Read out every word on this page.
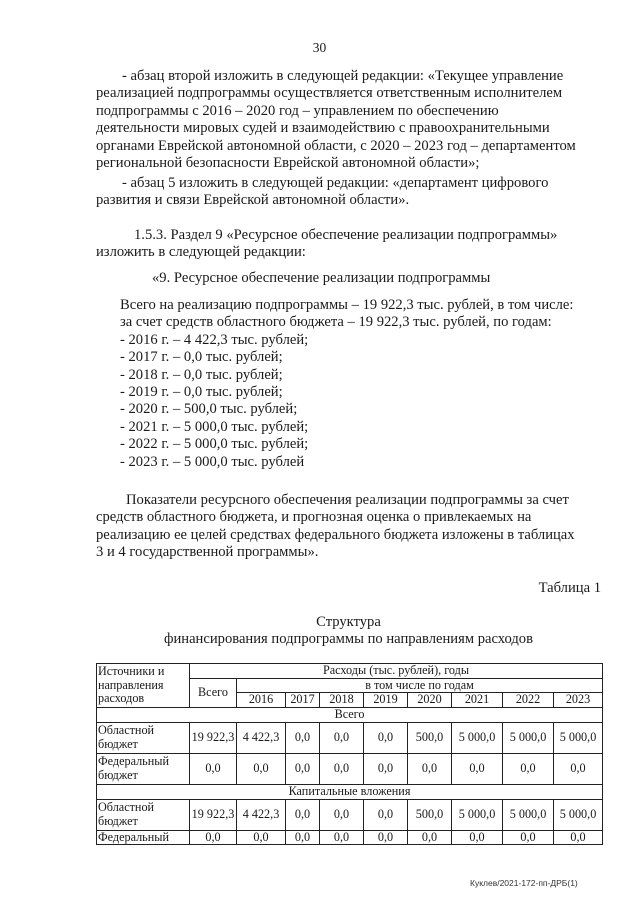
30
- абзац второй изложить в следующей редакции: «Текущее управление
реализацией подпрограммы осуществляется ответственным исполнителем
подпрограммы с 2016 – 2020 год – управлением по обеспечению
деятельности мировых судей и взаимодействию с правоохранительными
органами Еврейской автономной области, с 2020 – 2023 год – департаментом
региональной безопасности Еврейской автономной области»;
- абзац 5 изложить в следующей редакции: «департамент цифрового
развития и связи Еврейской автономной области».
1.5.3. Раздел 9 «Ресурсное обеспечение реализации подпрограммы»
изложить в следующей редакции:
«9. Ресурсное обеспечение реализации подпрограммы
Всего на реализацию подпрограммы – 19 922,3 тыс. рублей, в том числе:
за счет средств областного бюджета – 19 922,3 тыс. рублей, по годам:
- 2016 г. – 4 422,3 тыс. рублей;
- 2017 г. – 0,0 тыс. рублей;
- 2018 г. – 0,0 тыс. рублей;
- 2019 г. – 0,0 тыс. рублей;
- 2020 г. – 500,0 тыс. рублей;
- 2021 г. – 5 000,0 тыс. рублей;
- 2022 г. – 5 000,0 тыс. рублей;
- 2023 г. – 5 000,0 тыс. рублей
Показатели ресурсного обеспечения реализации подпрограммы за счет
средств областного бюджета, и прогнозная оценка о привлекаемых на
реализацию ее целей средствах федерального бюджета изложены в таблицах
3 и 4 государственной программы».
Таблица 1
Структура
финансирования подпрограммы по направлениям расходов
Источники и
направления
расходов	Расходы (тыс. рублей), годы								
	Всего	в том числе по годам							
		2016	2017	2018	2019	2020	2021	2022	2023
Всего									

Областной
бюджет	19 922,3	4 422,3	0,0	0,0	0,0	500,0	5 000,0	5 000,0	5 000,0

Федеральный
бюджет	0,0	0,0	0,0	0,0	0,0	0,0	0,0	0,0	0,0
Капитальные вложения									

Областной
бюджет	19 922,3	4 422,3	0,0	0,0	0,0	500,0	5 000,0	5 000,0	5 000,0

Федеральный	0,0	0,0	0,0	0,0	0,0	0,0	0,0	0,0	0,0
Куклев/2021-172-пп-ДРБ(1)
